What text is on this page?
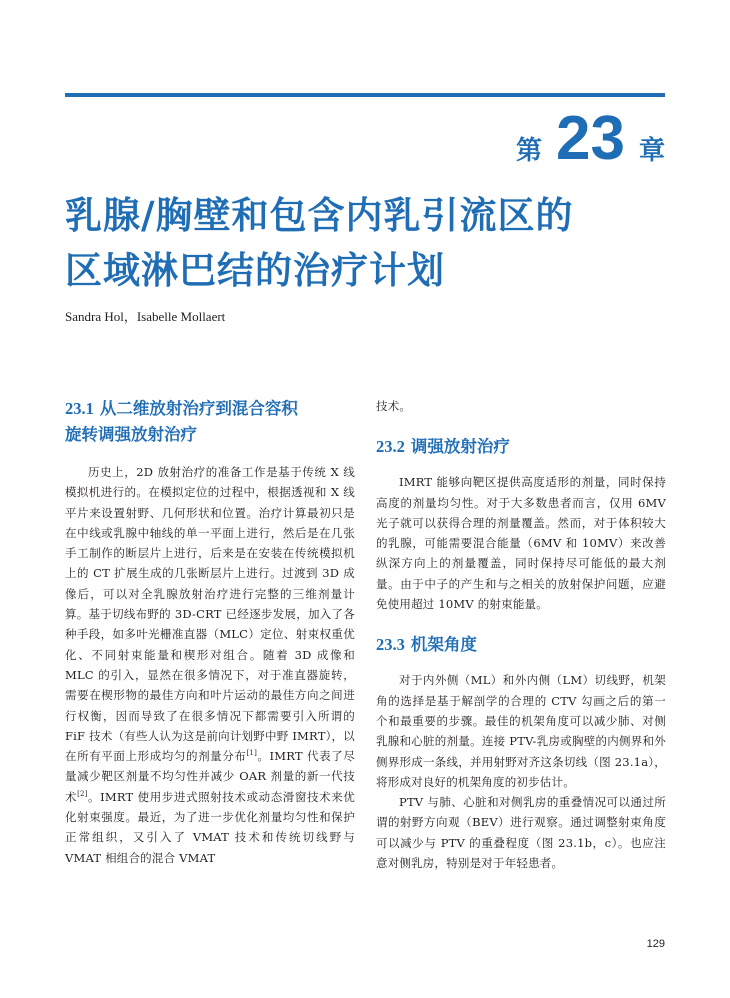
第 23 章
乳腺/胸壁和包含内乳引流区的
区域淋巴结的治疗计划
Sandra Hol，Isabelle Mollaert
23.1 从二维放射治疗到混合容积
旋转调强放射治疗

历史上，2D 放射治疗的准备工作是基于传统 X 线模拟机进行的。在模拟定位的过程中，根据透视和 X 线平片来设置射野、几何形状和位置。治疗计算最初只是在中线或乳腺中轴线的单一平面上进行，然后是在几张手工制作的断层片上进行，后来是在安装在传统模拟机上的 CT 扩展生成的几张断层片上进行。过渡到 3D 成像后，可以对全乳腺放射治疗进行完整的三维剂量计算。基于切线布野的 3D-CRT 已经逐步发展，加入了各种手段，如多叶光栅准直器（MLC）定位、射束权重优化、不同射束能量和楔形对组合。随着 3D 成像和 MLC 的引入，显然在很多情况下，对于准直器旋转，需要在楔形物的最佳方向和叶片运动的最佳方向之间进行权衡，因而导致了在很多情况下都需要引入所谓的 FiF 技术（有些人认为这是前向计划野中野 IMRT），以在所有平面上形成均匀的剂量分布[1]。IMRT 代表了尽量减少靶区剂量不均匀性并减少 OAR 剂量的新一代技术[2]。IMRT 使用步进式照射技术或动态滑窗技术来优化射束强度。最近，为了进一步优化剂量均匀性和保护正常组织，又引入了 VMAT 技术和传统切线野与 VMAT 相组合的混合 VMAT

技术。

23.2 调强放射治疗

IMRT 能够向靶区提供高度适形的剂量，同时保持高度的剂量均匀性。对于大多数患者而言，仅用 6MV 光子就可以获得合理的剂量覆盖。然而，对于体积较大的乳腺，可能需要混合能量（6MV 和 10MV）来改善纵深方向上的剂量覆盖，同时保持尽可能低的最大剂量。由于中子的产生和与之相关的放射保护问题，应避免使用超过 10MV 的射束能量。

23.3 机架角度

对于内外侧（ML）和外内侧（LM）切线野，机架角的选择是基于解剖学的合理的 CTV 勾画之后的第一个和最重要的步骤。最佳的机架角度可以减少肺、对侧乳腺和心脏的剂量。连接 PTV-乳房或胸壁的内侧界和外侧界形成一条线，并用射野对齐这条切线（图 23.1a），将形成对良好的机架角度的初步估计。

PTV 与肺、心脏和对侧乳房的重叠情况可以通过所谓的射野方向观（BEV）进行观察。通过调整射束角度可以减少与 PTV 的重叠程度（图 23.1b，c）。也应注意对侧乳房，特别是对于年轻患者。

129
